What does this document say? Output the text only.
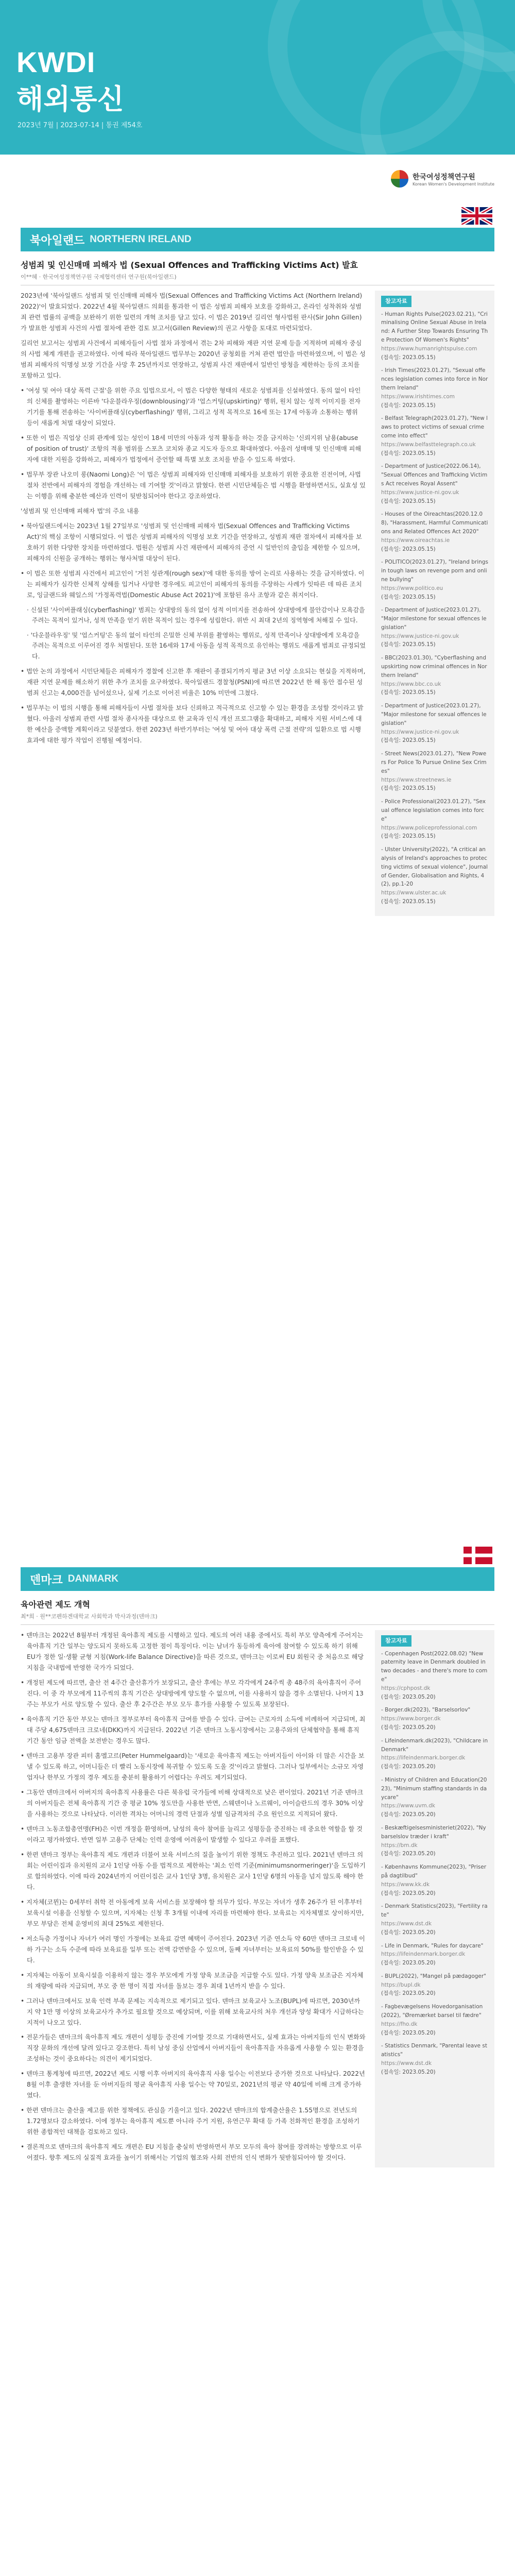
KWDI
해외통신
2023년 7월 | 2023-07-14 | 통권 제54호
한국여성정책연구원
Korean Women's Development Institute
북아일랜드 NORTHERN IRELAND
성범죄 및 인신매매 피해자 법 (Sexual Offences and Trafficking Victims Act) 발효
이**혜 · 한국여성정책연구원 국제협력센터 연구원(북아일랜드)

2023년에 '북아일랜드 성범죄 및 인신매매 피해자 법(Sexual Offences and Trafficking Victims Act (Northern Ireland) 2022)'이 발효되었다. 2022년 4월 북아일랜드 의회를 통과한 이 법은 성범죄 피해자 보호를 강화하고, 온라인 성착취와 성범죄 관련 법률의 공백을 보완하기 위한 일련의 개혁 조치를 담고 있다. 이 법은 2019년 길리언 형사법원 판사(Sir John Gillen)가 발표한 성범죄 사건의 사법 절차에 관한 검토 보고서(Gillen Review)의 권고 사항을 토대로 마련되었다.

길리언 보고서는 성범죄 사건에서 피해자들이 사법 절차 과정에서 겪는 2차 피해와 재판 지연 문제 등을 지적하며 피해자 중심의 사법 체계 개편을 권고하였다. 이에 따라 북아일랜드 법무부는 2020년 공청회를 거쳐 관련 법안을 마련하였으며, 이 법은 성범죄 피해자의 익명성 보장 기간을 사망 후 25년까지로 연장하고, 성범죄 사건 재판에서 일반인 방청을 제한하는 등의 조치를 포함하고 있다.

• '여성 및 여아 대상 폭력 근절'을 위한 주요 입법으로서, 이 법은 다양한 형태의 새로운 성범죄를 신설하였다. 동의 없이 타인의 신체를 촬영하는 이른바 '다운블라우징(downblousing)'과 '업스커팅(upskirting)' 행위, 원치 않는 성적 이미지를 전자기기를 통해 전송하는 '사이버플래싱(cyberflashing)' 행위, 그리고 성적 목적으로 16세 또는 17세 아동과 소통하는 행위 등이 새롭게 처벌 대상이 되었다.

• 또한 이 법은 직업상 신뢰 관계에 있는 성인이 18세 미만의 아동과 성적 활동을 하는 것을 금지하는 '신뢰지위 남용(abuse of position of trust)' 조항의 적용 범위를 스포츠 코치와 종교 지도자 등으로 확대하였다. 아울러 성매매 및 인신매매 피해자에 대한 지원을 강화하고, 피해자가 법정에서 증언할 때 특별 보호 조치를 받을 수 있도록 하였다.

• 법무부 장관 나오미 롱(Naomi Long)은 '이 법은 성범죄 피해자와 인신매매 피해자를 보호하기 위한 중요한 진전이며, 사법 절차 전반에서 피해자의 경험을 개선하는 데 기여할 것'이라고 밝혔다. 한편 시민단체들은 법 시행을 환영하면서도, 실효성 있는 이행을 위해 충분한 예산과 인력이 뒷받침되어야 한다고 강조하였다.

'성범죄 및 인신매매 피해자 법'의 주요 내용

• 북아일랜드에서는 2023년 1월 27일부로 '성범죄 및 인신매매 피해자 법(Sexual Offences and Trafficking Victims Act)'의 핵심 조항이 시행되었다. 이 법은 성범죄 피해자의 익명성 보호 기간을 연장하고, 성범죄 재판 절차에서 피해자를 보호하기 위한 다양한 장치를 마련하였다. 법원은 성범죄 사건 재판에서 피해자의 증언 시 일반인의 출입을 제한할 수 있으며, 피해자의 신원을 공개하는 행위는 형사처벌 대상이 된다.

• 이 법은 또한 성범죄 사건에서 피고인이 '거친 성관계(rough sex)'에 대한 동의를 방어 논리로 사용하는 것을 금지하였다. 이는 피해자가 심각한 신체적 상해를 입거나 사망한 경우에도 피고인이 피해자의 동의를 주장하는 사례가 잇따른 데 따른 조치로, 잉글랜드와 웨일스의 '가정폭력법(Domestic Abuse Act 2021)'에 포함된 유사 조항과 같은 취지이다.

· 신설된 '사이버플래싱(cyberflashing)' 범죄는 상대방의 동의 없이 성적 이미지를 전송하여 상대방에게 불안감이나 모욕감을 주려는 목적이 있거나, 성적 만족을 얻기 위한 목적이 있는 경우에 성립한다. 위반 시 최대 2년의 징역형에 처해질 수 있다.

· '다운블라우징' 및 '업스커팅'은 동의 없이 타인의 은밀한 신체 부위를 촬영하는 행위로, 성적 만족이나 상대방에게 모욕감을 주려는 목적으로 이루어진 경우 처벌된다. 또한 16세와 17세 아동을 성적 목적으로 유인하는 행위도 새롭게 범죄로 규정되었다.

• 법안 논의 과정에서 시민단체들은 피해자가 경찰에 신고한 후 재판이 종결되기까지 평균 3년 이상 소요되는 현실을 지적하며, 재판 지연 문제를 해소하기 위한 추가 조치를 요구하였다. 북아일랜드 경찰청(PSNI)에 따르면 2022년 한 해 동안 접수된 성범죄 신고는 4,000건을 넘어섰으나, 실제 기소로 이어진 비율은 10% 미만에 그쳤다.

• 법무부는 이 법의 시행을 통해 피해자들이 사법 절차를 보다 신뢰하고 적극적으로 신고할 수 있는 환경을 조성할 것이라고 밝혔다. 아울러 성범죄 관련 사법 절차 종사자를 대상으로 한 교육과 인식 개선 프로그램을 확대하고, 피해자 지원 서비스에 대한 예산을 증액할 계획이라고 덧붙였다. 한편 2023년 하반기부터는 '여성 및 여아 대상 폭력 근절 전략'의 일환으로 법 시행 효과에 대한 평가 작업이 진행될 예정이다.

참고자료
- Human Rights Pulse(2023.02.21), "Criminalising Online Sexual Abuse in Ireland: A Further Step Towards Ensuring The Protection Of Women's Rights"
https://www.humanrightspulse.com
(접속일: 2023.05.15)
- Irish Times(2023.01.27), "Sexual offences legislation comes into force in Northern Ireland"
https://www.irishtimes.com
(접속일: 2023.05.15)
- Belfast Telegraph(2023.01.27), "New laws to protect victims of sexual crime come into effect"
https://www.belfasttelegraph.co.uk
(접속일: 2023.05.15)
- Department of Justice(2022.06.14), "Sexual Offences and Trafficking Victims Act receives Royal Assent"
https://www.justice-ni.gov.uk
(접속일: 2023.05.15)
- Houses of the Oireachtas(2020.12.08), "Harassment, Harmful Communications and Related Offences Act 2020"
https://www.oireachtas.ie
(접속일: 2023.05.15)
- POLITICO(2023.01.27), "Ireland brings in tough laws on revenge porn and online bullying"
https://www.politico.eu
(접속일: 2023.05.15)
- Department of Justice(2023.01.27), "Major milestone for sexual offences legislation"
https://www.justice-ni.gov.uk
(접속일: 2023.05.15)
- BBC(2023.01.30), "Cyberflashing and upskirting now criminal offences in Northern Ireland"
https://www.bbc.co.uk
(접속일: 2023.05.15)
- Department of Justice(2023.01.27), "Major milestone for sexual offences legislation"
https://www.justice-ni.gov.uk
(접속일: 2023.05.15)
- Street News(2023.01.27), "New Powers For Police To Pursue Online Sex Crimes"
https://www.streetnews.ie
(접속일: 2023.05.15)
- Police Professional(2023.01.27), "Sexual offence legislation comes into force"
https://www.policeprofessional.com
(접속일: 2023.05.15)
- Ulster University(2022), "A critical analysis of Ireland's approaches to protecting victims of sexual violence", Journal of Gender, Globalisation and Rights, 4(2), pp.1-20
https://www.ulster.ac.uk
(접속일: 2023.05.15)
덴마크 DANMARK
육아관련 제도 개혁
최*희 · 원**코펜하겐대학교 사회학과 박사과정(덴마크)

• 덴마크는 2022년 8월부터 개정된 육아휴직 제도를 시행하고 있다. 제도의 여러 내용 중에서도 특히 부모 양측에게 주어지는 육아휴직 기간 일부는 양도되지 못하도록 고정한 점이 특징이다. 이는 남녀가 동등하게 육아에 참여할 수 있도록 하기 위해 EU가 정한 일·생활 균형 지침(Work-life Balance Directive)을 따른 것으로, 덴마크는 이로써 EU 회원국 중 처음으로 해당 지침을 국내법에 반영한 국가가 되었다.

• 개정된 제도에 따르면, 출산 전 4주간 출산휴가가 보장되고, 출산 후에는 부모 각각에게 24주씩 총 48주의 육아휴직이 주어진다. 이 중 각 부모에게 11주씩의 휴직 기간은 상대방에게 양도할 수 없으며, 이를 사용하지 않을 경우 소멸된다. 나머지 13주는 부모가 서로 양도할 수 있다. 출산 후 2주간은 부모 모두 휴가를 사용할 수 있도록 보장된다.

• 육아휴직 기간 동안 부모는 덴마크 정부로부터 육아휴직 급여를 받을 수 있다. 급여는 근로자의 소득에 비례하여 지급되며, 최대 주당 4,675덴마크 크로네(DKK)까지 지급된다. 2022년 기준 덴마크 노동시장에서는 고용주와의 단체협약을 통해 휴직 기간 동안 임금 전액을 보전받는 경우도 많다.

• 덴마크 고용부 장관 피터 홈멜고르(Peter Hummelgaard)는 '새로운 육아휴직 제도는 아버지들이 아이와 더 많은 시간을 보낼 수 있도록 하고, 어머니들은 더 빨리 노동시장에 복귀할 수 있도록 도울 것'이라고 밝혔다. 그러나 일부에서는 소규모 자영업자나 한부모 가정의 경우 제도를 충분히 활용하기 어렵다는 우려도 제기되었다.

• 그동안 덴마크에서 아버지의 육아휴직 사용률은 다른 북유럽 국가들에 비해 상대적으로 낮은 편이었다. 2021년 기준 덴마크의 아버지들은 전체 육아휴직 기간 중 평균 10% 정도만을 사용한 반면, 스웨덴이나 노르웨이, 아이슬란드의 경우 30% 이상을 사용하는 것으로 나타났다. 이러한 격차는 어머니의 경력 단절과 성별 임금격차의 주요 원인으로 지적되어 왔다.

• 덴마크 노동조합총연맹(FH)은 이번 개정을 환영하며, 남성의 육아 참여를 늘리고 성평등을 증진하는 데 중요한 역할을 할 것이라고 평가하였다. 반면 일부 고용주 단체는 인력 운영에 어려움이 발생할 수 있다고 우려를 표했다.

• 한편 덴마크 정부는 육아휴직 제도 개편과 더불어 보육 서비스의 질을 높이기 위한 정책도 추진하고 있다. 2021년 덴마크 의회는 어린이집과 유치원의 교사 1인당 아동 수를 법적으로 제한하는 '최소 인력 기준(minimumsnormeringer)'을 도입하기로 합의하였다. 이에 따라 2024년까지 어린이집은 교사 1인당 3명, 유치원은 교사 1인당 6명의 아동을 넘지 않도록 해야 한다.

• 지자체(코뮌)는 0세부터 취학 전 아동에게 보육 서비스를 보장해야 할 의무가 있다. 부모는 자녀가 생후 26주가 된 이후부터 보육시설 이용을 신청할 수 있으며, 지자체는 신청 후 3개월 이내에 자리를 마련해야 한다. 보육료는 지자체별로 상이하지만, 부모 부담은 전체 운영비의 최대 25%로 제한된다.

• 저소득층 가정이나 자녀가 여러 명인 가정에는 보육료 감면 혜택이 주어진다. 2023년 기준 연소득 약 60만 덴마크 크로네 이하 가구는 소득 수준에 따라 보육료를 일부 또는 전액 감면받을 수 있으며, 둘째 자녀부터는 보육료의 50%를 할인받을 수 있다.

• 지자체는 아동이 보육시설을 이용하지 않는 경우 부모에게 가정 양육 보조금을 지급할 수도 있다. 가정 양육 보조금은 지자체의 재량에 따라 지급되며, 부모 중 한 명이 직접 자녀를 돌보는 경우 최대 1년까지 받을 수 있다.

• 그러나 덴마크에서도 보육 인력 부족 문제는 지속적으로 제기되고 있다. 덴마크 보육교사 노조(BUPL)에 따르면, 2030년까지 약 1만 명 이상의 보육교사가 추가로 필요할 것으로 예상되며, 이를 위해 보육교사의 처우 개선과 양성 확대가 시급하다는 지적이 나오고 있다.

• 전문가들은 덴마크의 육아휴직 제도 개편이 성평등 증진에 기여할 것으로 기대하면서도, 실제 효과는 아버지들의 인식 변화와 직장 문화의 개선에 달려 있다고 강조한다. 특히 남성 중심 산업에서 아버지들이 육아휴직을 자유롭게 사용할 수 있는 환경을 조성하는 것이 중요하다는 의견이 제기되었다.

• 덴마크 통계청에 따르면, 2022년 제도 시행 이후 아버지의 육아휴직 사용 일수는 이전보다 증가한 것으로 나타났다. 2022년 8월 이후 출생한 자녀를 둔 아버지들의 평균 육아휴직 사용 일수는 약 70일로, 2021년의 평균 약 40일에 비해 크게 증가하였다.

• 한편 덴마크는 출산율 제고를 위한 정책에도 관심을 기울이고 있다. 2022년 덴마크의 합계출산율은 1.55명으로 전년도의 1.72명보다 감소하였다. 이에 정부는 육아휴직 제도뿐 아니라 주거 지원, 유연근무 확대 등 가족 친화적인 환경을 조성하기 위한 종합적인 대책을 검토하고 있다.

• 결론적으로 덴마크의 육아휴직 제도 개편은 EU 지침을 충실히 반영하면서 부모 모두의 육아 참여를 장려하는 방향으로 이루어졌다. 향후 제도의 실질적 효과를 높이기 위해서는 기업의 협조와 사회 전반의 인식 변화가 뒷받침되어야 할 것이다.

참고자료
- Copenhagen Post(2022.08.02) "New paternity leave in Denmark doubled in two decades - and there's more to come"
https://cphpost.dk
(접속일: 2023.05.20)
- Borger.dk(2023), "Barselsorlov"
https://www.borger.dk
(접속일: 2023.05.20)
- Lifeindenmark.dk(2023), "Childcare in Denmark"
https://lifeindenmark.borger.dk
(접속일: 2023.05.20)
- Ministry of Children and Education(2023), "Minimum staffing standards in daycare"
https://www.uvm.dk
(접속일: 2023.05.20)
- Beskæftigelsesministeriet(2022), "Ny barselslov træder i kraft"
https://bm.dk
(접속일: 2023.05.20)
- Københavns Kommune(2023), "Priser på dagtilbud"
https://www.kk.dk
(접속일: 2023.05.20)
- Denmark Statistics(2023), "Fertility rate"
https://www.dst.dk
(접속일: 2023.05.20)
- Life in Denmark, "Rules for daycare"
https://lifeindenmark.borger.dk
(접속일: 2023.05.20)
- BUPL(2022), "Mangel på pædagoger"
https://bupl.dk
(접속일: 2023.05.20)
- Fagbevægelsens Hovedorganisation(2022), "Øremærket barsel til fædre"
https://fho.dk
(접속일: 2023.05.20)
- Statistics Denmark, "Parental leave statistics"
https://www.dst.dk
(접속일: 2023.05.20)
